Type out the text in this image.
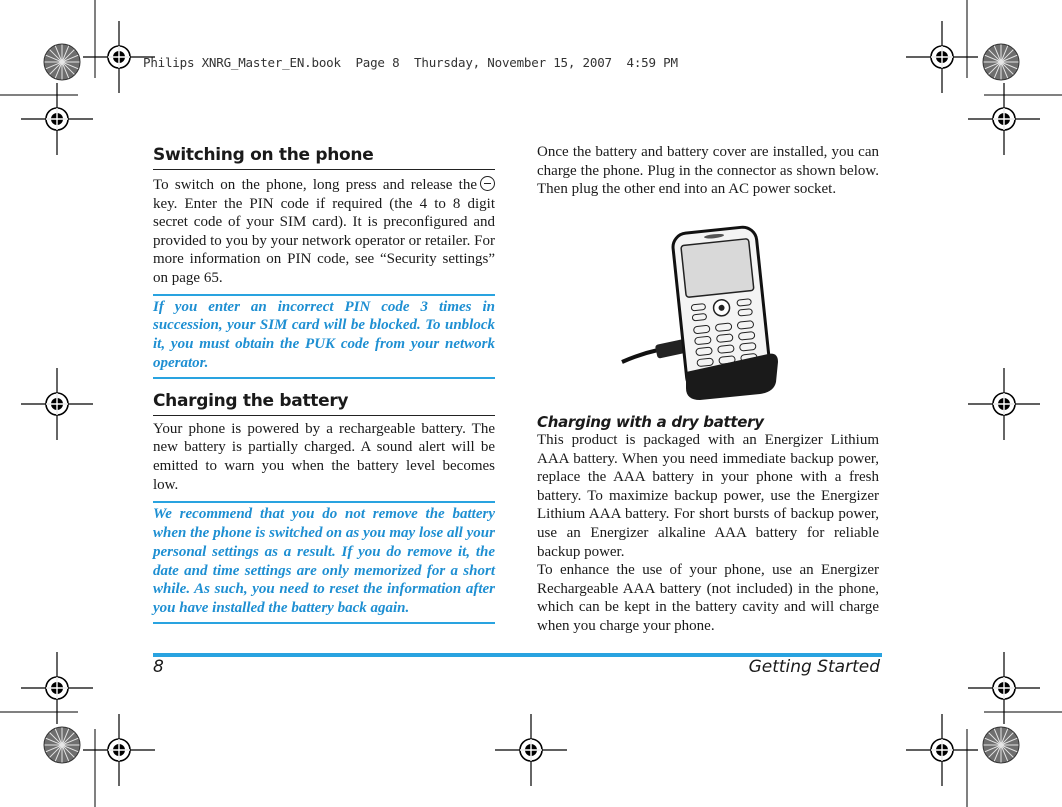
Philips XNRG_Master_EN.book  Page 8  Thursday, November 15, 2007  4:59 PM
Switching on the phone

To switch on the phone, long press and release the key. Enter the PIN code if required (the 4 to 8 digit secret code of your SIM card). It is preconfigured and provided to you by your network operator or retailer. For more information on PIN code, see “Security settings” on page 65.

If you enter an incorrect PIN code 3 times in succession, your SIM card will be blocked. To unblock it, you must obtain the PUK code from your network operator.

Charging the battery

Your phone is powered by a rechargeable battery. The new battery is partially charged. A sound alert will be emitted to warn you when the battery level becomes low.

We recommend that you do not remove the battery when the phone is switched on as you may lose all your personal settings as a result. If you do remove it, the date and time settings are only memorized for a short while. As such, you need to reset the information after you have installed the battery back again.

Once the battery and battery cover are installed, you can charge the phone. Plug in the connector as shown below. Then plug the other end into an AC power socket.

Charging with a dry battery

This product is packaged with an Energizer Lithium AAA battery. When you need immediate backup power, replace the AAA battery in your phone with a fresh battery. To maximize backup power, use the Energizer Lithium AAA battery. For short bursts of backup power, use an Energizer alkaline AAA battery for reliable backup power.

To enhance the use of your phone, use an Energizer Rechargeable AAA battery (not included) in the phone, which can be kept in the battery cavity and will charge when you charge your phone.

8	Getting Started
